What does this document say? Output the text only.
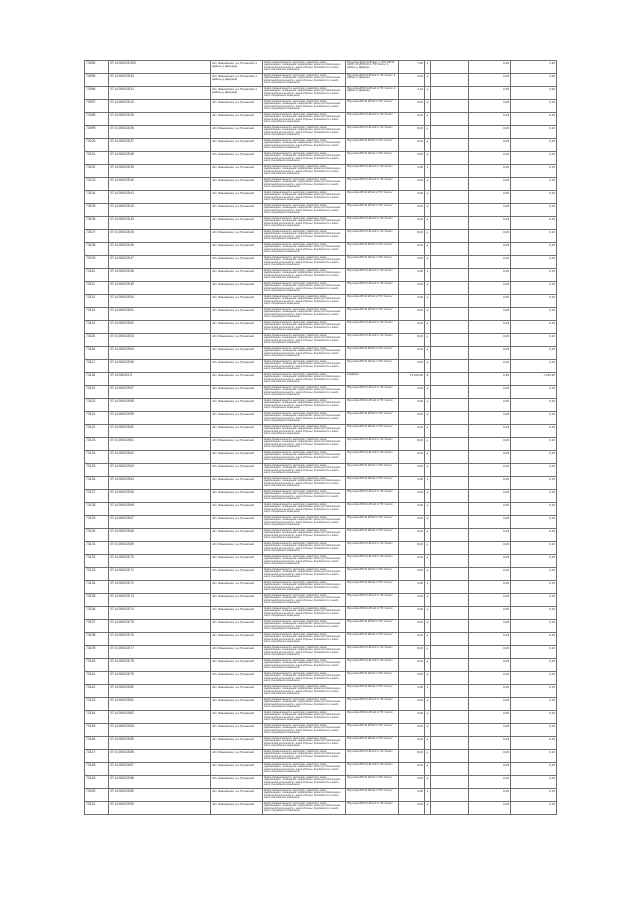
73094	37:14:000425:309	обл. Ивановская, р-н Пучежский, в районе д. Дворищи	Земли промышленности, энергетики, транспорта, связи, радиовещания, телевидения, информатики, земли для обеспечения космической деятельности, земли обороны, безопасности и земли иного специального назначения	Под опоры ВЛ-0,4 кВ фид. 1, КТП 100/10 №235, 10 кВ ВЛ-10 от ПС 'Сеготь' в районе д. Дворищи	7,00	д		0,00	1,96
73095	37:14:000425:34	обл. Ивановская, р-н Пучежский, в районе д. Дворищи	Земли промышленности, энергетики, транспорта, связи, радиовещания, телевидения, информатики, земли для обеспечения космической деятельности, земли обороны, безопасности и земли иного специального назначения	Под опоры ВЛ-0,4 кВ №4 от ПС 'Сеготь' в районе д. Дворищи	0,00	д		0,00	1,96
73096	37:14:000425:31	обл. Ивановская, р-н Пучежский, в районе д. Дворищи	Земли промышленности, энергетики, транспорта, связи, радиовещания, телевидения, информатики, земли для обеспечения космической деятельности, земли обороны, безопасности и земли иного специального назначения	Под опоры ВЛ-0,4 кВ №4 от ПС 'Сеготь' в районе д. Дворищи	4,10	д		0,45	1,96
73097	37:14:000425:10	обл. Ивановская, р-н Пучежский	Земли промышленности, энергетики, транспорта, связи, радиовещания, телевидения, информатики, земли для обеспечения космической деятельности, земли обороны, безопасности и земли иного специального назначения	Под опоры ВЛ-10 кВ №4 от ПС 'Сеготь'	0,00	д		0,00	0,15
73098	37:14:000425:35	обл. Ивановская, р-н Пучежский	Земли промышленности, энергетики, транспорта, связи, радиовещания, телевидения, информатики, земли для обеспечения космической деятельности, земли обороны, безопасности и земли иного специального назначения	Под опоры ВЛ-0,4 кВ №1 от ПС 'Сеготь'	0,00	д		0,00	0,15
73099	37:14:000425:36	обл. Ивановская, р-н Пучежский	Земли промышленности, энергетики, транспорта, связи, радиовещания, телевидения, информатики, земли для обеспечения космической деятельности, земли обороны, безопасности и земли иного специального назначения	Под опоры ВЛ-0,4 кВ №2 от ПС 'Сеготь'	0,00	д		0,00	0,15
73100	37:14:000425:37	обл. Ивановская, р-н Пучежский	Земли промышленности, энергетики, транспорта, связи, радиовещания, телевидения, информатики, земли для обеспечения космической деятельности, земли обороны, безопасности и земли иного специального назначения	Под опоры ВЛ-10 кВ №3 от ПС 'Сеготь'	0,00	д		0,00	0,15
73101	37:14:000425:38	обл. Ивановская, р-н Пучежский	Земли промышленности, энергетики, транспорта, связи, радиовещания, телевидения, информатики, земли для обеспечения космической деятельности, земли обороны, безопасности и земли иного специального назначения	Под опоры ВЛ-10 кВ №4 от ПС 'Сеготь'	0,00	д		0,00	0,15
73102	37:14:000425:39	обл. Ивановская, р-н Пучежский	Земли промышленности, энергетики, транспорта, связи, радиовещания, телевидения, информатики, земли для обеспечения космической деятельности, земли обороны, безопасности и земли иного специального назначения	Под опоры ВЛ-0,4 кВ №1 от ПС 'Сеготь'	0,00	д		0,00	0,15
73103	37:14:000425:40	обл. Ивановская, р-н Пучежский	Земли промышленности, энергетики, транспорта, связи, радиовещания, телевидения, информатики, земли для обеспечения космической деятельности, земли обороны, безопасности и земли иного специального назначения	Под опоры ВЛ-0,4 кВ №2 от ПС 'Сеготь'	0,00	д		0,00	0,15
73104	37:14:000425:41	обл. Ивановская, р-н Пучежский	Земли промышленности, энергетики, транспорта, связи, радиовещания, телевидения, информатики, земли для обеспечения космической деятельности, земли обороны, безопасности и земли иного специального назначения	Под опоры ВЛ-10 кВ №3 от ПС 'Сеготь'	0,00	д		0,00	0,15
73105	37:14:000425:42	обл. Ивановская, р-н Пучежский	Земли промышленности, энергетики, транспорта, связи, радиовещания, телевидения, информатики, земли для обеспечения космической деятельности, земли обороны, безопасности и земли иного специального назначения	Под опоры ВЛ-10 кВ №4 от ПС 'Сеготь'	0,00	д		0,00	0,15
73106	37:14:000425:43	обл. Ивановская, р-н Пучежский	Земли промышленности, энергетики, транспорта, связи, радиовещания, телевидения, информатики, земли для обеспечения космической деятельности, земли обороны, безопасности и земли иного специального назначения	Под опоры ВЛ-0,4 кВ №1 от ПС 'Сеготь'	0,00	д		0,00	0,15
73107	37:14:000425:45	обл. Ивановская, р-н Пучежский	Земли промышленности, энергетики, транспорта, связи, радиовещания, телевидения, информатики, земли для обеспечения космической деятельности, земли обороны, безопасности и земли иного специального назначения	Под опоры ВЛ-0,4 кВ №2 от ПС 'Сеготь'	0,00	д		0,00	0,15
73108	37:14:000425:46	обл. Ивановская, р-н Пучежский	Земли промышленности, энергетики, транспорта, связи, радиовещания, телевидения, информатики, земли для обеспечения космической деятельности, земли обороны, безопасности и земли иного специального назначения	Под опоры ВЛ-10 кВ №3 от ПС 'Сеготь'	0,00	д		0,00	0,15
73109	37:14:000425:47	обл. Ивановская, р-н Пучежский	Земли промышленности, энергетики, транспорта, связи, радиовещания, телевидения, информатики, земли для обеспечения космической деятельности, земли обороны, безопасности и земли иного специального назначения	Под опоры ВЛ-10 кВ №4 от ПС 'Сеготь'	0,00	д		0,00	0,15
73110	37:14:000425:48	обл. Ивановская, р-н Пучежский	Земли промышленности, энергетики, транспорта, связи, радиовещания, телевидения, информатики, земли для обеспечения космической деятельности, земли обороны, безопасности и земли иного специального назначения	Под опоры ВЛ-0,4 кВ №1 от ПС 'Сеготь'	0,00	д		0,00	0,15
73111	37:14:000425:49	обл. Ивановская, р-н Пучежский	Земли промышленности, энергетики, транспорта, связи, радиовещания, телевидения, информатики, земли для обеспечения космической деятельности, земли обороны, безопасности и земли иного специального назначения	Под опоры ВЛ-0,4 кВ №2 от ПС 'Сеготь'	0,00	д		0,00	0,15
73112	37:14:000425:50	обл. Ивановская, р-н Пучежский	Земли промышленности, энергетики, транспорта, связи, радиовещания, телевидения, информатики, земли для обеспечения космической деятельности, земли обороны, безопасности и земли иного специального назначения	Под опоры ВЛ-10 кВ №3 от ПС 'Сеготь'	0,00	д		0,00	0,15
73113	37:14:000425:51	обл. Ивановская, р-н Пучежский	Земли промышленности, энергетики, транспорта, связи, радиовещания, телевидения, информатики, земли для обеспечения космической деятельности, земли обороны, безопасности и земли иного специального назначения	Под опоры ВЛ-10 кВ №4 от ПС 'Сеготь'	0,00	д		0,00	0,15
73114	37:14:000425:52	обл. Ивановская, р-н Пучежский	Земли промышленности, энергетики, транспорта, связи, радиовещания, телевидения, информатики, земли для обеспечения космической деятельности, земли обороны, безопасности и земли иного специального назначения	Под опоры ВЛ-0,4 кВ №1 от ПС 'Сеготь'	0,00	д		0,00	0,15
73115	37:14:000425:53	обл. Ивановская, р-н Пучежский	Земли промышленности, энергетики, транспорта, связи, радиовещания, телевидения, информатики, земли для обеспечения космической деятельности, земли обороны, безопасности и земли иного специального назначения	Под опоры ВЛ-0,4 кВ №2 от ПС 'Сеготь'	0,00	д		0,00	0,15
73116	37:14:000425:54	обл. Ивановская, р-н Пучежский	Земли промышленности, энергетики, транспорта, связи, радиовещания, телевидения, информатики, земли для обеспечения космической деятельности, земли обороны, безопасности и земли иного специального назначения	Под опоры ВЛ-10 кВ №3 от ПС 'Сеготь'	0,00	д		0,00	0,15
73117	37:14:000425:56	обл. Ивановская, р-н Пучежский	Земли промышленности, энергетики, транспорта, связи, радиовещания, телевидения, информатики, земли для обеспечения космической деятельности, земли обороны, безопасности и земли иного специального назначения	Под опоры ВЛ-10 кВ №4 от ПС 'Сеготь'	0,00	д		0,00	0,15
73118	37:14:040301:5	обл. Ивановская, р-н Пучежский	Земли промышленности, энергетики, транспорта, связи, радиовещания, телевидения, информатики, земли для обеспечения космической деятельности, земли обороны, безопасности и земли иного специального назначения	кладбище	73 100,00	Д		0,99	1 105,96
73119	37:14:000425:57	обл. Ивановская, р-н Пучежский	Земли промышленности, энергетики, транспорта, связи, радиовещания, телевидения, информатики, земли для обеспечения космической деятельности, земли обороны, безопасности и земли иного специального назначения	Под опоры ВЛ-0,4 кВ №1 от ПС 'Сеготь'	0,00	д		0,00	0,15
73120	37:14:000425:58	обл. Ивановская, р-н Пучежский	Земли промышленности, энергетики, транспорта, связи, радиовещания, телевидения, информатики, земли для обеспечения космической деятельности, земли обороны, безопасности и земли иного специального назначения	Под опоры ВЛ-0,4 кВ №2 от ПС 'Сеготь'	0,00	д		0,00	0,15
73121	37:14:000425:59	обл. Ивановская, р-н Пучежский	Земли промышленности, энергетики, транспорта, связи, радиовещания, телевидения, информатики, земли для обеспечения космической деятельности, земли обороны, безопасности и земли иного специального назначения	Под опоры ВЛ-10 кВ №3 от ПС 'Сеготь'	0,00	д		0,00	0,15
73122	37:14:000425:60	обл. Ивановская, р-н Пучежский	Земли промышленности, энергетики, транспорта, связи, радиовещания, телевидения, информатики, земли для обеспечения космической деятельности, земли обороны, безопасности и земли иного специального назначения	Под опоры ВЛ-10 кВ №4 от ПС 'Сеготь'	0,00	д		0,00	0,15
73123	37:14:000425:61	обл. Ивановская, р-н Пучежский	Земли промышленности, энергетики, транспорта, связи, радиовещания, телевидения, информатики, земли для обеспечения космической деятельности, земли обороны, безопасности и земли иного специального назначения	Под опоры ВЛ-0,4 кВ №1 от ПС 'Сеготь'	0,00	д		0,00	0,15
73124	37:14:000425:62	обл. Ивановская, р-н Пучежский	Земли промышленности, энергетики, транспорта, связи, радиовещания, телевидения, информатики, земли для обеспечения космической деятельности, земли обороны, безопасности и земли иного специального назначения	Под опоры ВЛ-0,4 кВ №2 от ПС 'Сеготь'	0,00	д		0,00	0,15
73125	37:14:000425:63	обл. Ивановская, р-н Пучежский	Земли промышленности, энергетики, транспорта, связи, радиовещания, телевидения, информатики, земли для обеспечения космической деятельности, земли обороны, безопасности и земли иного специального назначения	Под опоры ВЛ-10 кВ №3 от ПС 'Сеготь'	0,00	д		0,00	0,15
73126	37:14:000425:64	обл. Ивановская, р-н Пучежский	Земли промышленности, энергетики, транспорта, связи, радиовещания, телевидения, информатики, земли для обеспечения космической деятельности, земли обороны, безопасности и земли иного специального назначения	Под опоры ВЛ-10 кВ №4 от ПС 'Сеготь'	0,00	д		0,00	0,15
73127	37:14:000425:65	обл. Ивановская, р-н Пучежский	Земли промышленности, энергетики, транспорта, связи, радиовещания, телевидения, информатики, земли для обеспечения космической деятельности, земли обороны, безопасности и земли иного специального назначения	Под опоры ВЛ-0,4 кВ №1 от ПС 'Сеготь'	0,00	д		0,00	0,15
73128	37:14:000425:66	обл. Ивановская, р-н Пучежский	Земли промышленности, энергетики, транспорта, связи, радиовещания, телевидения, информатики, земли для обеспечения космической деятельности, земли обороны, безопасности и земли иного специального назначения	Под опоры ВЛ-0,4 кВ №2 от ПС 'Сеготь'	0,00	д		0,00	0,15
73129	37:14:000425:67	обл. Ивановская, р-н Пучежский	Земли промышленности, энергетики, транспорта, связи, радиовещания, телевидения, информатики, земли для обеспечения космической деятельности, земли обороны, безопасности и земли иного специального назначения	Под опоры ВЛ-10 кВ №3 от ПС 'Сеготь'	0,00	д		0,00	0,15
73130	37:14:000425:68	обл. Ивановская, р-н Пучежский	Земли промышленности, энергетики, транспорта, связи, радиовещания, телевидения, информатики, земли для обеспечения космической деятельности, земли обороны, безопасности и земли иного специального назначения	Под опоры ВЛ-10 кВ №4 от ПС 'Сеготь'	0,00	д		0,00	0,15
73131	37:14:000425:69	обл. Ивановская, р-н Пучежский	Земли промышленности, энергетики, транспорта, связи, радиовещания, телевидения, информатики, земли для обеспечения космической деятельности, земли обороны, безопасности и земли иного специального назначения	Под опоры ВЛ-0,4 кВ №1 от ПС 'Сеготь'	0,00	д		0,00	0,15
73132	37:14:000425:70	обл. Ивановская, р-н Пучежский	Земли промышленности, энергетики, транспорта, связи, радиовещания, телевидения, информатики, земли для обеспечения космической деятельности, земли обороны, безопасности и земли иного специального назначения	Под опоры ВЛ-0,4 кВ №2 от ПС 'Сеготь'	0,00	д		0,00	0,15
73133	37:14:000425:71	обл. Ивановская, р-н Пучежский	Земли промышленности, энергетики, транспорта, связи, радиовещания, телевидения, информатики, земли для обеспечения космической деятельности, земли обороны, безопасности и земли иного специального назначения	Под опоры ВЛ-10 кВ №3 от ПС 'Сеготь'	0,00	д		0,00	0,15
73134	37:14:000425:72	обл. Ивановская, р-н Пучежский	Земли промышленности, энергетики, транспорта, связи, радиовещания, телевидения, информатики, земли для обеспечения космической деятельности, земли обороны, безопасности и земли иного специального назначения	Под опоры ВЛ-10 кВ №4 от ПС 'Сеготь'	0,00	д		0,00	0,15
73135	37:14:000425:73	обл. Ивановская, р-н Пучежский	Земли промышленности, энергетики, транспорта, связи, радиовещания, телевидения, информатики, земли для обеспечения космической деятельности, земли обороны, безопасности и земли иного специального назначения	Под опоры ВЛ-0,4 кВ №1 от ПС 'Сеготь'	0,00	д		0,00	0,15
73136	37:14:000425:74	обл. Ивановская, р-н Пучежский	Земли промышленности, энергетики, транспорта, связи, радиовещания, телевидения, информатики, земли для обеспечения космической деятельности, земли обороны, безопасности и земли иного специального назначения	Под опоры ВЛ-0,4 кВ №2 от ПС 'Сеготь'	0,00	д		0,00	0,15
73137	37:14:000425:75	обл. Ивановская, р-н Пучежский	Земли промышленности, энергетики, транспорта, связи, радиовещания, телевидения, информатики, земли для обеспечения космической деятельности, земли обороны, безопасности и земли иного специального назначения	Под опоры ВЛ-10 кВ №3 от ПС 'Сеготь'	0,00	д		0,00	0,15
73138	37:14:000425:76	обл. Ивановская, р-н Пучежский	Земли промышленности, энергетики, транспорта, связи, радиовещания, телевидения, информатики, земли для обеспечения космической деятельности, земли обороны, безопасности и земли иного специального назначения	Под опоры ВЛ-10 кВ №4 от ПС 'Сеготь'	0,00	д		0,00	0,15
73139	37:14:000425:77	обл. Ивановская, р-н Пучежский	Земли промышленности, энергетики, транспорта, связи, радиовещания, телевидения, информатики, земли для обеспечения космической деятельности, земли обороны, безопасности и земли иного специального назначения	Под опоры ВЛ-0,4 кВ №1 от ПС 'Сеготь'	0,00	д		0,00	0,15
73140	37:14:000425:78	обл. Ивановская, р-н Пучежский	Земли промышленности, энергетики, транспорта, связи, радиовещания, телевидения, информатики, земли для обеспечения космической деятельности, земли обороны, безопасности и земли иного специального назначения	Под опоры ВЛ-0,4 кВ №2 от ПС 'Сеготь'	0,00	д		0,00	0,15
73141	37:14:000425:79	обл. Ивановская, р-н Пучежский	Земли промышленности, энергетики, транспорта, связи, радиовещания, телевидения, информатики, земли для обеспечения космической деятельности, земли обороны, безопасности и земли иного специального назначения	Под опоры ВЛ-10 кВ №3 от ПС 'Сеготь'	0,00	д		0,00	0,15
73142	37:14:000425:80	обл. Ивановская, р-н Пучежский	Земли промышленности, энергетики, транспорта, связи, радиовещания, телевидения, информатики, земли для обеспечения космической деятельности, земли обороны, безопасности и земли иного специального назначения	Под опоры ВЛ-10 кВ №4 от ПС 'Сеготь'	0,00	д		0,00	0,15
73143	37:14:000425:81	обл. Ивановская, р-н Пучежский	Земли промышленности, энергетики, транспорта, связи, радиовещания, телевидения, информатики, земли для обеспечения космической деятельности, земли обороны, безопасности и земли иного специального назначения	Под опоры ВЛ-0,4 кВ №1 от ПС 'Сеготь'	0,00	д		0,00	0,15
73144	37:14:000425:82	обл. Ивановская, р-н Пучежский	Земли промышленности, энергетики, транспорта, связи, радиовещания, телевидения, информатики, земли для обеспечения космической деятельности, земли обороны, безопасности и земли иного специального назначения	Под опоры ВЛ-0,4 кВ №2 от ПС 'Сеготь'	0,00	д		0,00	0,15
73145	37:14:000425:83	обл. Ивановская, р-н Пучежский	Земли промышленности, энергетики, транспорта, связи, радиовещания, телевидения, информатики, земли для обеспечения космической деятельности, земли обороны, безопасности и земли иного специального назначения	Под опоры ВЛ-10 кВ №3 от ПС 'Сеготь'	0,00	д		0,00	0,15
73146	37:14:000425:85	обл. Ивановская, р-н Пучежский	Земли промышленности, энергетики, транспорта, связи, радиовещания, телевидения, информатики, земли для обеспечения космической деятельности, земли обороны, безопасности и земли иного специального назначения	Под опоры ВЛ-10 кВ №4 от ПС 'Сеготь'	0,00	д		0,00	0,15
73147	37:14:000425:86	обл. Ивановская, р-н Пучежский	Земли промышленности, энергетики, транспорта, связи, радиовещания, телевидения, информатики, земли для обеспечения космической деятельности, земли обороны, безопасности и земли иного специального назначения	Под опоры ВЛ-0,4 кВ №1 от ПС 'Сеготь'	0,00	д		0,00	0,15
73148	37:14:000425:87	обл. Ивановская, р-н Пучежский	Земли промышленности, энергетики, транспорта, связи, радиовещания, телевидения, информатики, земли для обеспечения космической деятельности, земли обороны, безопасности и земли иного специального назначения	Под опоры ВЛ-0,4 кВ №2 от ПС 'Сеготь'	0,00	д		0,00	0,15
73149	37:14:000425:88	обл. Ивановская, р-н Пучежский	Земли промышленности, энергетики, транспорта, связи, радиовещания, телевидения, информатики, земли для обеспечения космической деятельности, земли обороны, безопасности и земли иного специального назначения	Под опоры ВЛ-10 кВ №3 от ПС 'Сеготь'	0,00	д		0,00	0,15
73150	37:14:000425:89	обл. Ивановская, р-н Пучежский	Земли промышленности, энергетики, транспорта, связи, радиовещания, телевидения, информатики, земли для обеспечения космической деятельности, земли обороны, безопасности и земли иного специального назначения	Под опоры ВЛ-10 кВ №4 от ПС 'Сеготь'	0,00	д		0,00	0,15
73151	37:14:000425:90	обл. Ивановская, р-н Пучежский	Земли промышленности, энергетики, транспорта, связи, радиовещания, телевидения, информатики, земли для обеспечения космической деятельности, земли обороны, безопасности и земли иного специального назначения	Под опоры ВЛ-0,4 кВ №1 от ПС 'Сеготь'	0,00	д		0,00	0,15
